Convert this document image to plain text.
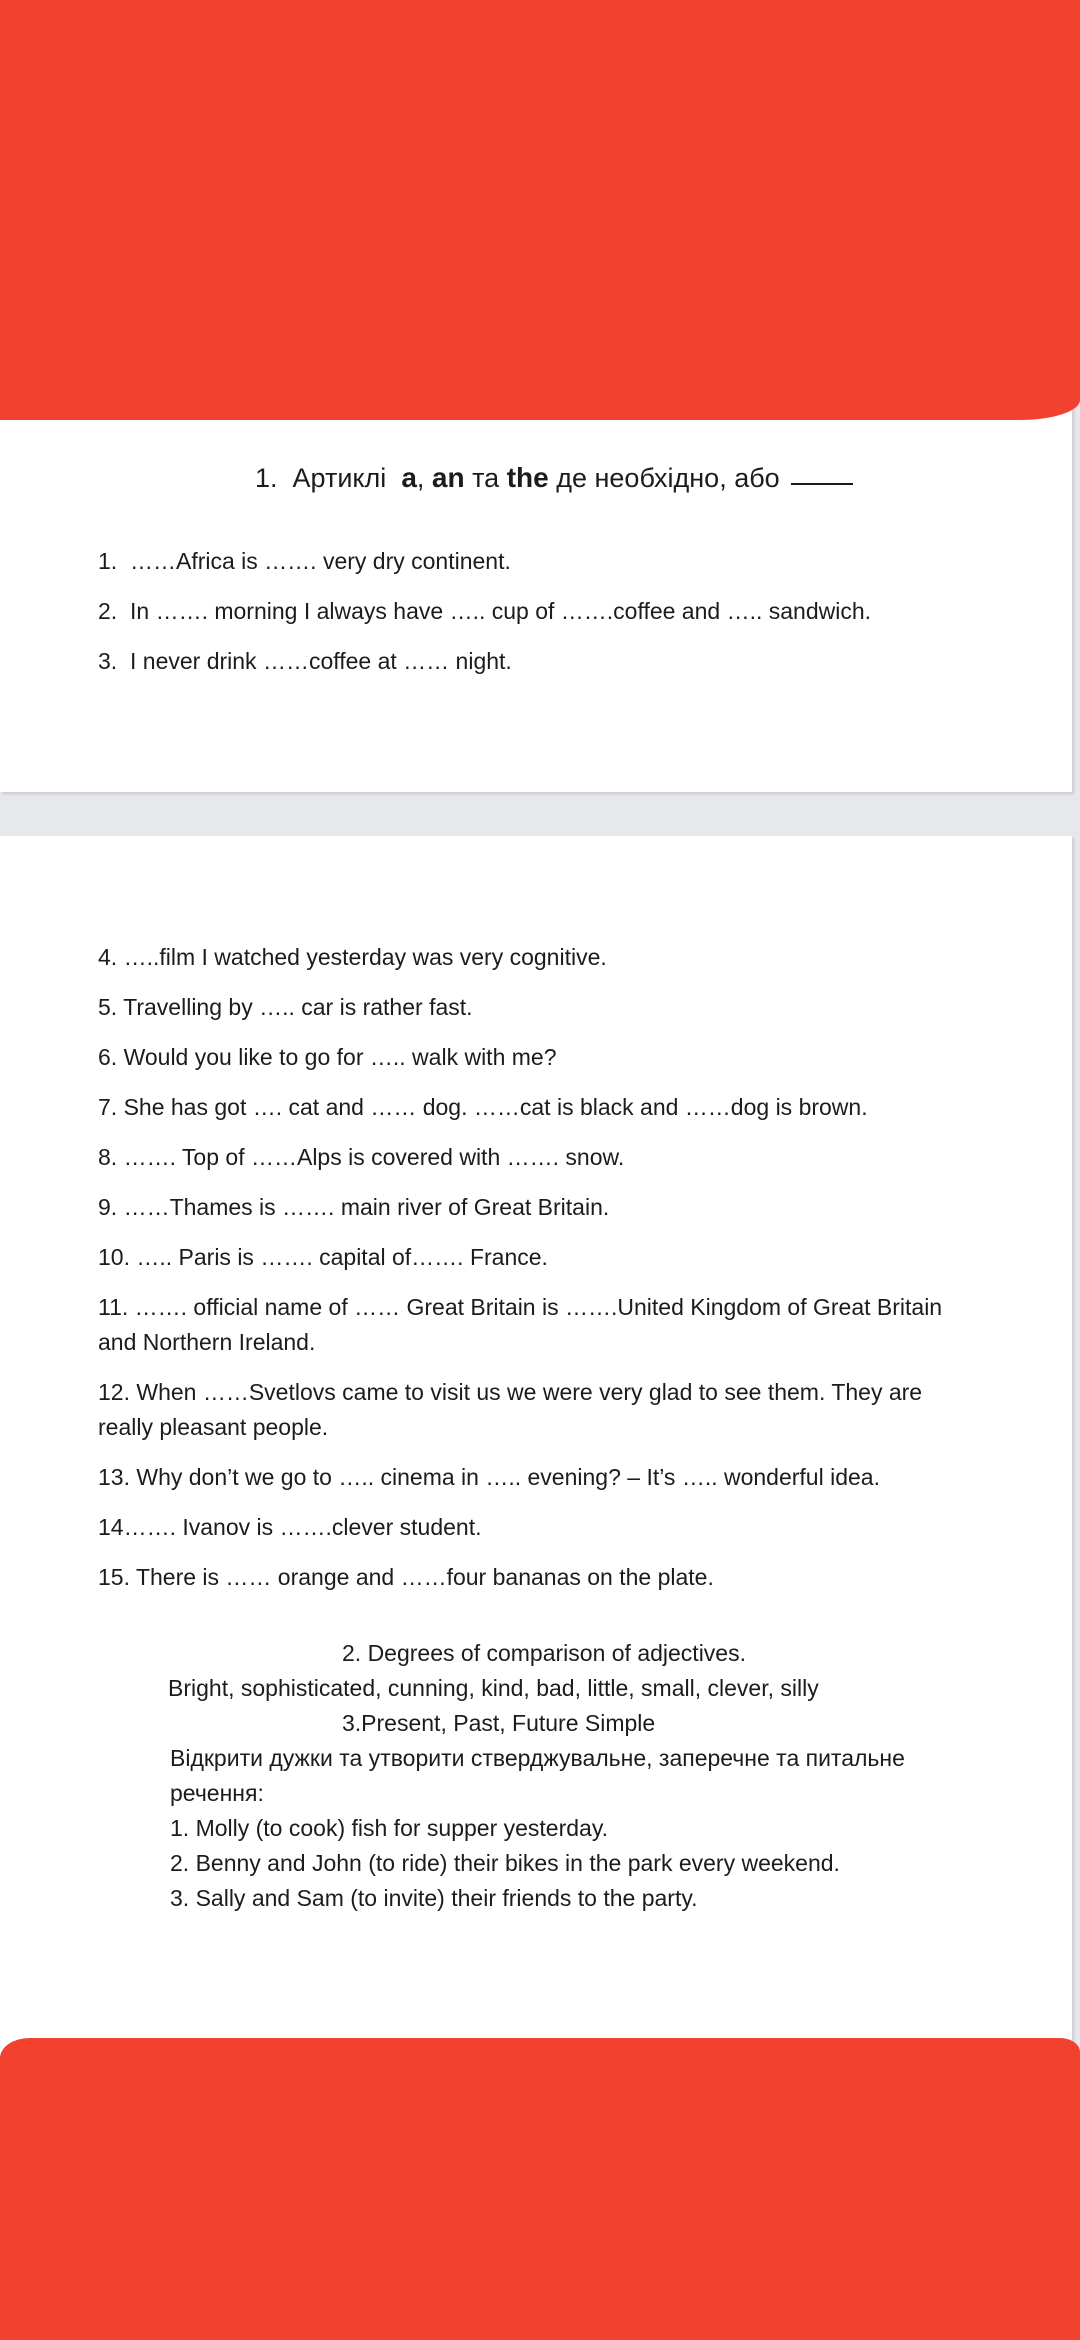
1. Артиклі a, an та the де необхідно, або
1. ……Africa is ……. very dry continent.
2. In ……. morning I always have ….. cup of …….coffee and ….. sandwich.
3. I never drink ……coffee at …… night.
4. …..film I watched yesterday was very cognitive.
5. Travelling by ….. car is rather fast.
6. Would you like to go for ….. walk with me?
7. She has got …. cat and …… dog. ……cat is black and ……dog is brown.
8. ……. Top of ……Alps is covered with ……. snow.
9. ……Thames is ……. main river of Great Britain.
10. ….. Paris is ……. capital of……. France.
11. ……. official name of …… Great Britain is …….United Kingdom of Great Britain and Northern Ireland.
12. When ……Svetlovs came to visit us we were very glad to see them. They are really pleasant people.
13. Why don’t we go to ….. cinema in ….. evening? – It’s ….. wonderful idea.
14……. Ivanov is …….clever student.
15. There is …… orange and ……four bananas on the plate.
2. Degrees of comparison of adjectives.
Bright, sophisticated, cunning, kind, bad, little, small, clever, silly
3.Present, Past, Future Simple
Відкрити дужки та утворити стверджувальне, заперечне та питальне речення:
1. Molly (to cook) fish for supper yesterday.
2. Benny and John (to ride) their bikes in the park every weekend.
3. Sally and Sam (to invite) their friends to the party.
